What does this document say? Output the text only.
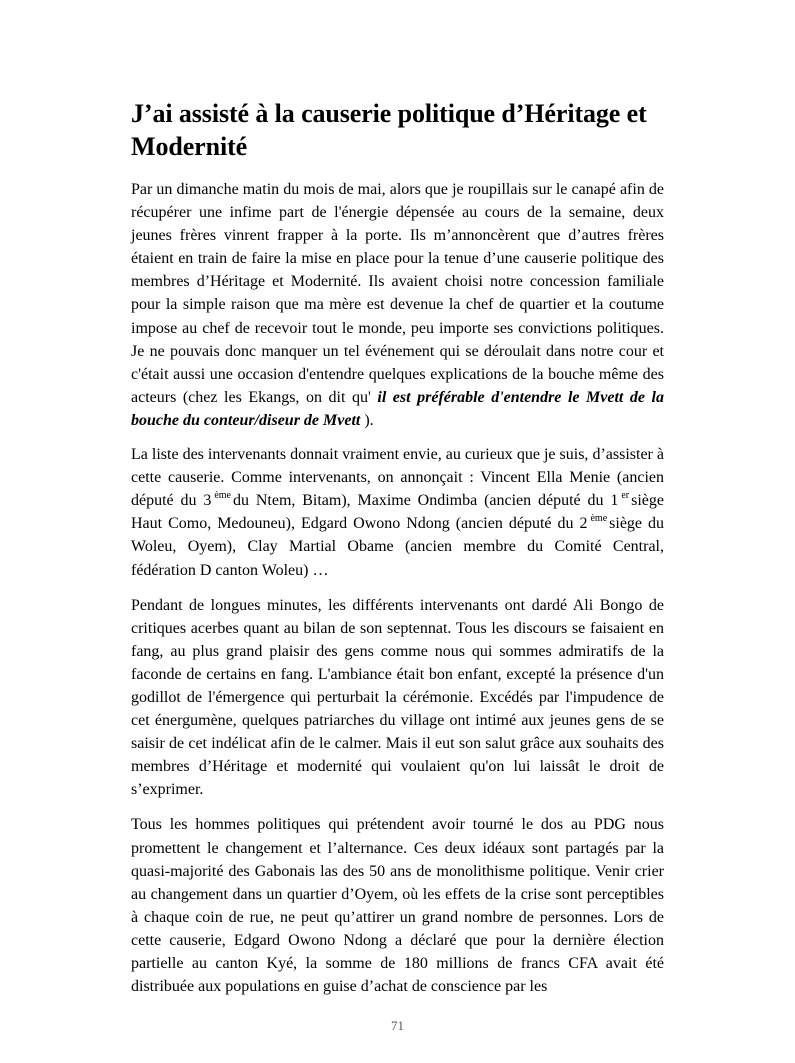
J’ai assisté à la causerie politique d’Héritage et Modernité

Par un dimanche matin du mois de mai, alors que je roupillais sur le canapé afin de récupérer une infime part de l'énergie dépensée au cours de la semaine, deux jeunes frères vinrent frapper à la porte. Ils m’annoncèrent que d’autres frères étaient en train de faire la mise en place pour la tenue d’une causerie politique des membres d’Héritage et Modernité. Ils avaient choisi notre concession familiale pour la simple raison que ma mère est devenue la chef de quartier et la coutume impose au chef de recevoir tout le monde, peu importe ses convictions politiques. Je ne pouvais donc manquer un tel événement qui se déroulait dans notre cour et c'était aussi une occasion d'entendre quelques explications de la bouche même des acteurs (chez les Ekangs, on dit qu' il est préférable d'entendre le Mvett de la bouche du conteur/diseur de Mvett ).

La liste des intervenants donnait vraiment envie, au curieux que je suis, d’assister à cette causerie. Comme intervenants, on annonçait : Vincent Ella Menie (ancien député du 3 $^{ème}$ du Ntem, Bitam), Maxime Ondimba (ancien député du 1 $^{er}$ siège Haut Como, Medouneu), Edgard Owono Ndong (ancien député du 2 $^{ème}$ siège du Woleu, Oyem), Clay Martial Obame (ancien membre du Comité Central, fédération D canton Woleu) …

Pendant de longues minutes, les différents intervenants ont dardé Ali Bongo de critiques acerbes quant au bilan de son septennat. Tous les discours se faisaient en fang, au plus grand plaisir des gens comme nous qui sommes admiratifs de la faconde de certains en fang. L'ambiance était bon enfant, excepté la présence d'un godillot de l'émergence qui perturbait la cérémonie. Excédés par l'impudence de cet énergumène, quelques patriarches du village ont intimé aux jeunes gens de se saisir de cet indélicat afin de le calmer. Mais il eut son salut grâce aux souhaits des membres d’Héritage et modernité qui voulaient qu'on lui laissât le droit de s’exprimer.

Tous les hommes politiques qui prétendent avoir tourné le dos au PDG nous promettent le changement et l’alternance. Ces deux idéaux sont partagés par la quasi-majorité des Gabonais las des 50 ans de monolithisme politique. Venir crier au changement dans un quartier d’Oyem, où les effets de la crise sont perceptibles à chaque coin de rue, ne peut qu’attirer un grand nombre de personnes. Lors de cette causerie, Edgard Owono Ndong a déclaré que pour la dernière élection partielle au canton Kyé, la somme de 180 millions de francs CFA avait été distribuée aux populations en guise d’achat de conscience par les

71
